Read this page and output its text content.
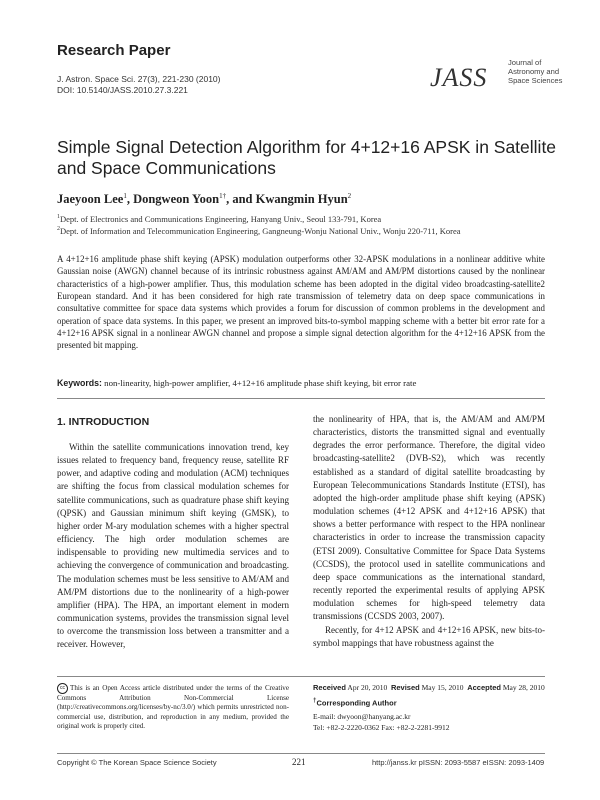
Research Paper
J. Astron. Space Sci. 27(3), 221-230 (2010)
DOI: 10.5140/JASS.2010.27.3.221	JASS
Journal of
Astronomy and
Space Sciences
Simple Signal Detection Algorithm for 4+12+16 APSK in Satellite and Space Communications
Jaeyoon Lee$^1$, Dongweon Yoon$^{1\dagger}$, and Kwangmin Hyun$^2$
$^1$Dept. of Electronics and Communications Engineering, Hanyang Univ., Seoul 133-791, Korea
$^2$Dept. of Information and Telecommunication Engineering, Gangneung-Wonju National Univ., Wonju 220-711, Korea
A 4+12+16 amplitude phase shift keying (APSK) modulation outperforms other 32-APSK modulations in a nonlinear additive white Gaussian noise (AWGN) channel because of its intrinsic robustness against AM/AM and AM/PM distortions caused by the nonlinear characteristics of a high-power amplifier. Thus, this modulation scheme has been adopted in the digital video broadcasting-satellite2 European standard. And it has been considered for high rate transmission of telemetry data on deep space communications in consultative committee for space data systems which provides a forum for discussion of common problems in the development and operation of space data systems. In this paper, we present an improved bits-to-symbol mapping scheme with a better bit error rate for a 4+12+16 APSK signal in a nonlinear AWGN channel and propose a simple signal detection algorithm for the 4+12+16 APSK from the presented bit mapping.
Keywords: non-linearity, high-power amplifier, 4+12+16 amplitude phase shift keying, bit error rate
1. INTRODUCTION

Within the satellite communications innovation trend, key issues related to frequency band, frequency reuse, satellite RF power, and adaptive coding and modulation (ACM) techniques are shifting the focus from classical modulation schemes for satellite communications, such as quadrature phase shift keying (QPSK) and Gaussian minimum shift keying (GMSK), to higher order M-ary modulation schemes with a higher spectral efficiency. The high order modulation schemes are indispensable to providing new multimedia services and to achieving the convergence of communication and broadcasting. The modulation schemes must be less sensitive to AM/AM and AM/PM distortions due to the nonlinearity of a high-power amplifier (HPA). The HPA, an important element in modern communication systems, provides the transmission signal level to overcome the transmission loss between a transmitter and a receiver. However,

the nonlinearity of HPA, that is, the AM/AM and AM/PM characteristics, distorts the transmitted signal and eventually degrades the error performance. Therefore, the digital video broadcasting-satellite2 (DVB-S2), which was recently established as a standard of digital satellite broadcasting by European Telecommunications Standards Institute (ETSI), has adopted the high-order amplitude phase shift keying (APSK) modulation schemes (4+12 APSK and 4+12+16 APSK) that shows a better performance with respect to the HPA nonlinear characteristics in order to increase the transmission capacity (ETSI 2009). Consultative Committee for Space Data Systems (CCSDS), the protocol used in satellite communications and deep space communications as the international standard, recently reported the experimental results of applying APSK modulation schemes for high-speed telemetry data transmissions (CCSDS 2003, 2007).

Recently, for 4+12 APSK and 4+12+16 APSK, new bits-to-symbol mappings that have robustness against the

cc This is an Open Access article distributed under the terms of the Creative Commons Attribution Non-Commercial License (http://creativecommons.org/licenses/by-nc/3.0/) which permits unrestricted non-commercial use, distribution, and reproduction in any medium, provided the original work is properly cited.
Received Apr 20, 2010 Revised May 15, 2010 Accepted May 28, 2010
†Corresponding Author
E-mail: dwyoon@hanyang.ac.kr
Tel: +82-2-2220-0362 Fax: +82-2-2281-9912
Copyright © The Korean Space Science Society	221	http://janss.kr pISSN: 2093-5587 eISSN: 2093-1409
